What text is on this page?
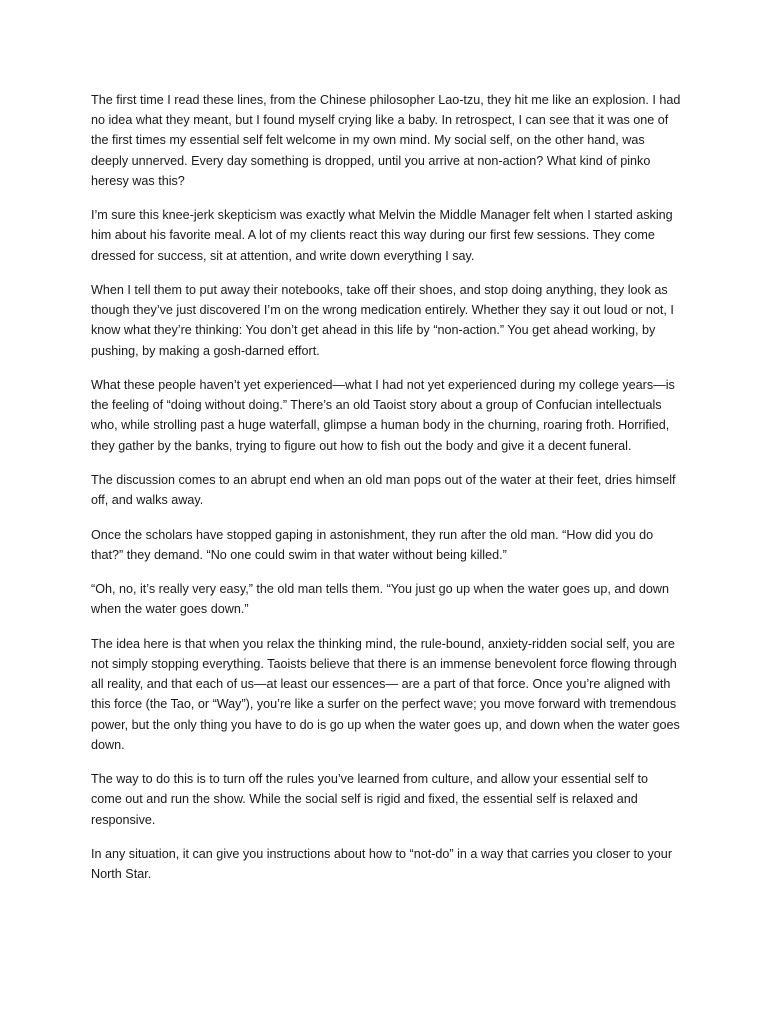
The first time I read these lines, from the Chinese philosopher Lao-tzu, they hit me like an explosion. I had no idea what they meant, but I found myself crying like a baby. In retrospect, I can see that it was one of the first times my essential self felt welcome in my own mind. My social self, on the other hand, was deeply unnerved. Every day something is dropped, until you arrive at non-action? What kind of pinko heresy was this?

I’m sure this knee-jerk skepticism was exactly what Melvin the Middle Manager felt when I started asking him about his favorite meal. A lot of my clients react this way during our first few sessions. They come dressed for success, sit at attention, and write down everything I say.

When I tell them to put away their notebooks, take off their shoes, and stop doing anything, they look as though they’ve just discovered I’m on the wrong medication entirely. Whether they say it out loud or not, I know what they’re thinking: You don’t get ahead in this life by “non-action.” You get ahead working, by pushing, by making a gosh-darned effort.

What these people haven’t yet experienced—what I had not yet experienced during my college years—is the feeling of “doing without doing.” There’s an old Taoist story about a group of Confucian intellectuals who, while strolling past a huge waterfall, glimpse a human body in the churning, roaring froth. Horrified, they gather by the banks, trying to figure out how to fish out the body and give it a decent funeral.

The discussion comes to an abrupt end when an old man pops out of the water at their feet, dries himself off, and walks away.

Once the scholars have stopped gaping in astonishment, they run after the old man. “How did you do that?” they demand. “No one could swim in that water without being killed.”

“Oh, no, it’s really very easy,” the old man tells them. “You just go up when the water goes up, and down when the water goes down.”

The idea here is that when you relax the thinking mind, the rule-bound, anxiety-ridden social self, you are not simply stopping everything. Taoists believe that there is an immense benevolent force flowing through all reality, and that each of us—at least our essences— are a part of that force. Once you’re aligned with this force (the Tao, or “Way”), you’re like a surfer on the perfect wave; you move forward with tremendous power, but the only thing you have to do is go up when the water goes up, and down when the water goes down.

The way to do this is to turn off the rules you’ve learned from culture, and allow your essential self to come out and run the show. While the social self is rigid and fixed, the essential self is relaxed and responsive.

In any situation, it can give you instructions about how to “not-do” in a way that carries you closer to your North Star.
